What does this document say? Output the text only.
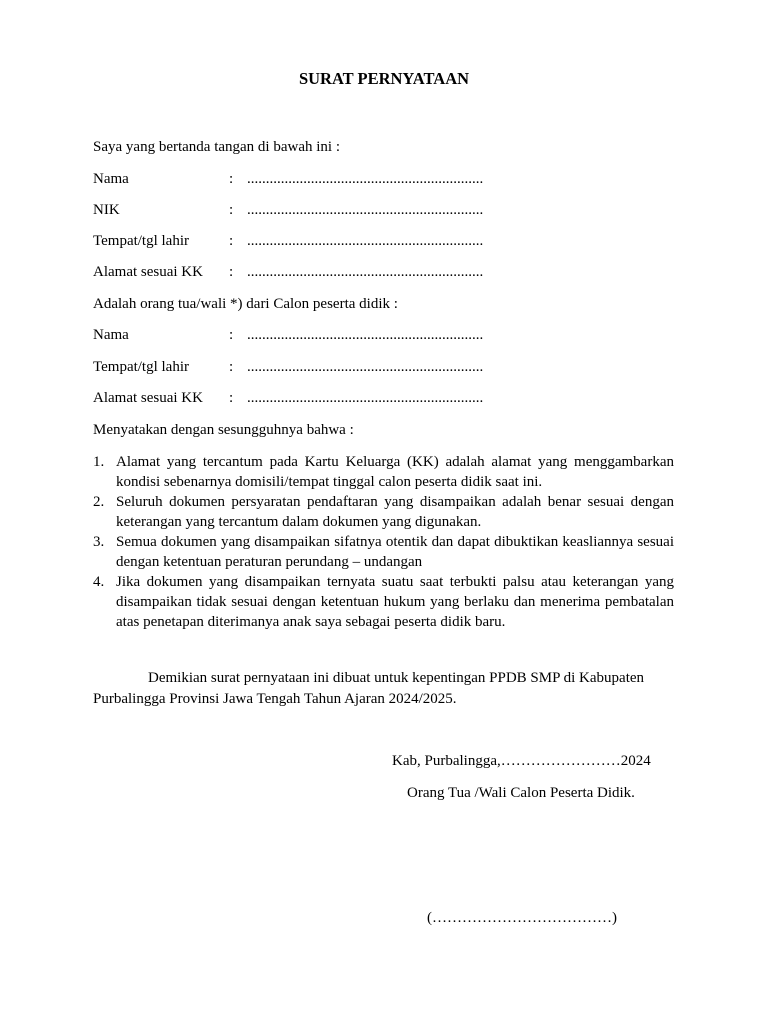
SURAT PERNYATAAN
Saya yang bertanda tangan di bawah ini :
Nama	: ...............................................................
NIK	: ...............................................................
Tempat/tgl lahir	: ...............................................................
Alamat sesuai KK : ...............................................................
Adalah orang tua/wali *) dari Calon peserta didik :
Nama	: ...............................................................
Tempat/tgl lahir	: ...............................................................
Alamat sesuai KK : ...............................................................
Menyatakan dengan sesungguhnya bahwa :
1. Alamat yang tercantum pada Kartu Keluarga (KK) adalah alamat yang menggambarkan kondisi sebenarnya domisili/tempat tinggal calon peserta didik saat ini.
2. Seluruh dokumen persyaratan pendaftaran yang disampaikan adalah benar sesuai dengan keterangan yang tercantum dalam dokumen yang digunakan.
3. Semua dokumen yang disampaikan sifatnya otentik dan dapat dibuktikan keasliannya sesuai dengan ketentuan peraturan perundang – undangan
4. Jika dokumen yang disampaikan ternyata suatu saat terbukti palsu atau keterangan yang disampaikan tidak sesuai dengan ketentuan hukum yang berlaku dan menerima pembatalan atas penetapan diterimanya anak saya sebagai peserta didik baru.
Demikian surat pernyataan ini dibuat untuk kepentingan PPDB SMP di Kabupaten
Purbalingga Provinsi Jawa Tengah Tahun Ajaran 2024/2025.
Kab, Purbalingga,……………………2024
Orang Tua /Wali Calon Peserta Didik.
(………………………………)
